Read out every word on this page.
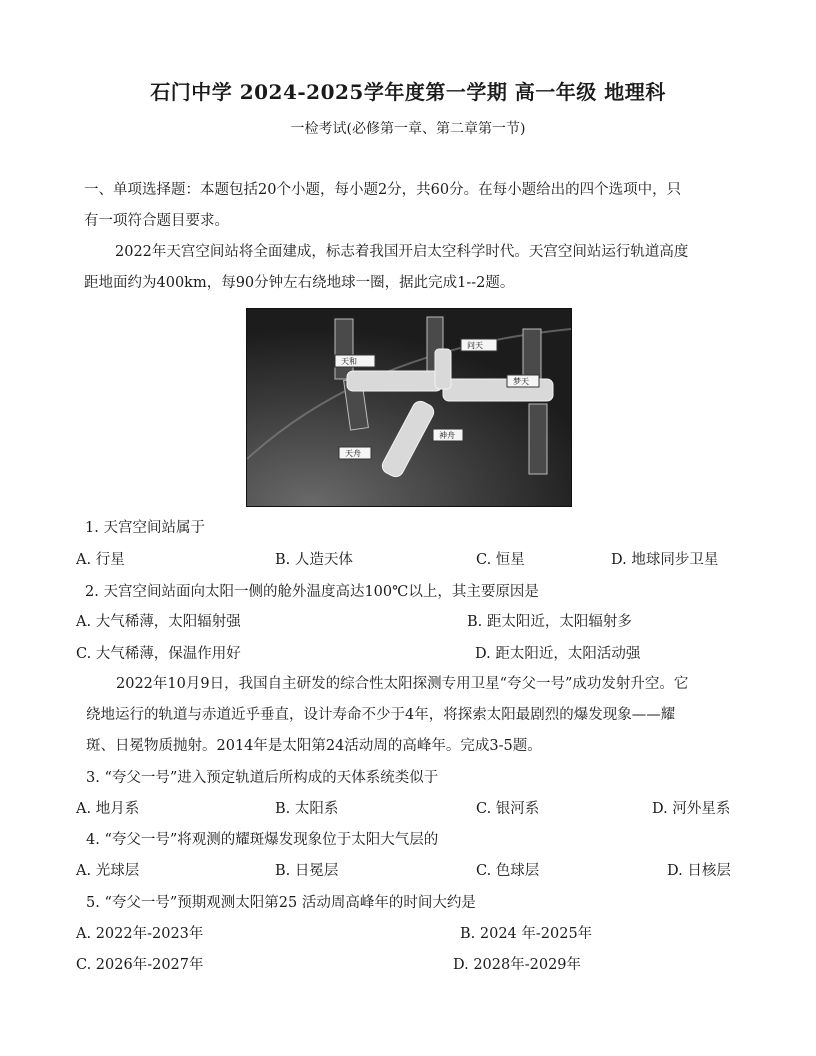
石门中学 2024-2025学年度第一学期 高一年级 地理科
一检考试(必修第一章、第二章第一节)
一、单项选择题：本题包括20个小题，每小题2分，共60分。在每小题给出的四个选项中，只
有一项符合题目要求。
2022年天宫空间站将全面建成，标志着我国开启太空科学时代。天宫空间站运行轨道高度
距地面约为400km，每90分钟左右绕地球一圈，据此完成1--2题。
天和
问天
梦天
神舟
天舟
1. 天宫空间站属于
A. 行星	B. 人造天体	C. 恒星	D. 地球同步卫星
2. 天宫空间站面向太阳一侧的舱外温度高达100℃以上，其主要原因是
A. 大气稀薄，太阳辐射强	B. 距太阳近，太阳辐射多
C. 大气稀薄，保温作用好	D. 距太阳近，太阳活动强
2022年10月9日，我国自主研发的综合性太阳探测专用卫星“夸父一号”成功发射升空。它
绕地运行的轨道与赤道近乎垂直，设计寿命不少于4年，将探索太阳最剧烈的爆发现象——耀
斑、日冕物质抛射。2014年是太阳第24活动周的高峰年。完成3-5题。
3. “夸父一号”进入预定轨道后所构成的天体系统类似于
A. 地月系	B. 太阳系	C. 银河系	D. 河外星系
4. “夸父一号”将观测的耀斑爆发现象位于太阳大气层的
A. 光球层	B. 日冕层	C. 色球层	D. 日核层
5. “夸父一号”预期观测太阳第25 活动周高峰年的时间大约是
A. 2022年-2023年	B. 2024 年-2025年
C. 2026年-2027年	D. 2028年-2029年
